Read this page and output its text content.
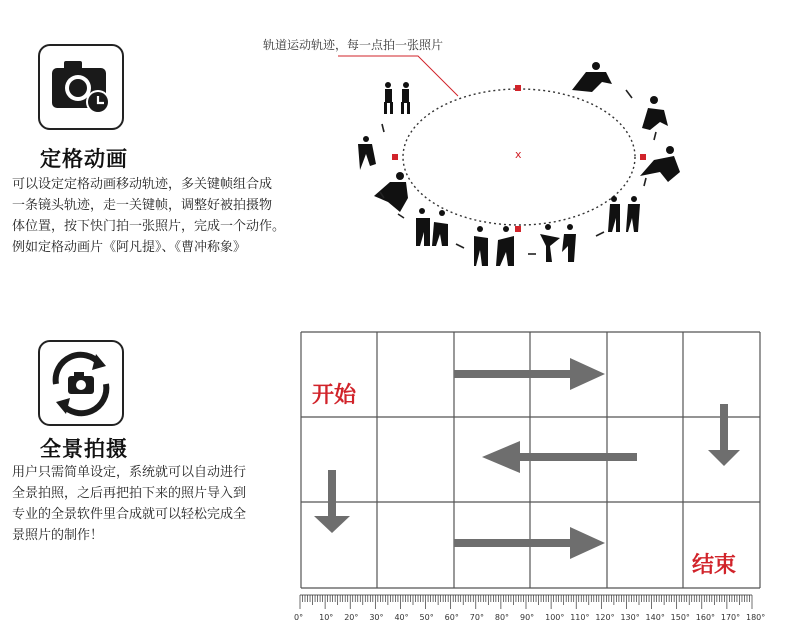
定格动画
可以设定定格动画移动轨迹，多关键帧组合成
一条镜头轨迹，走一关键帧，调整好被拍摄物
体位置，按下快门拍一张照片，完成一个动作。
例如定格动画片《阿凡提》、《曹冲称象》
轨道运动轨迹，每一点拍一张照片
x
全景拍摄
用户只需简单设定，系统就可以自动进行
全景拍照，之后再把拍下来的照片导入到
专业的全景软件里合成就可以轻松完成全
景照片的制作！
开始
结束
0° 10° 20° 30° 40° 50° 60° 70° 80° 90° 100° 110° 120° 130° 140° 150° 160° 170° 180°
